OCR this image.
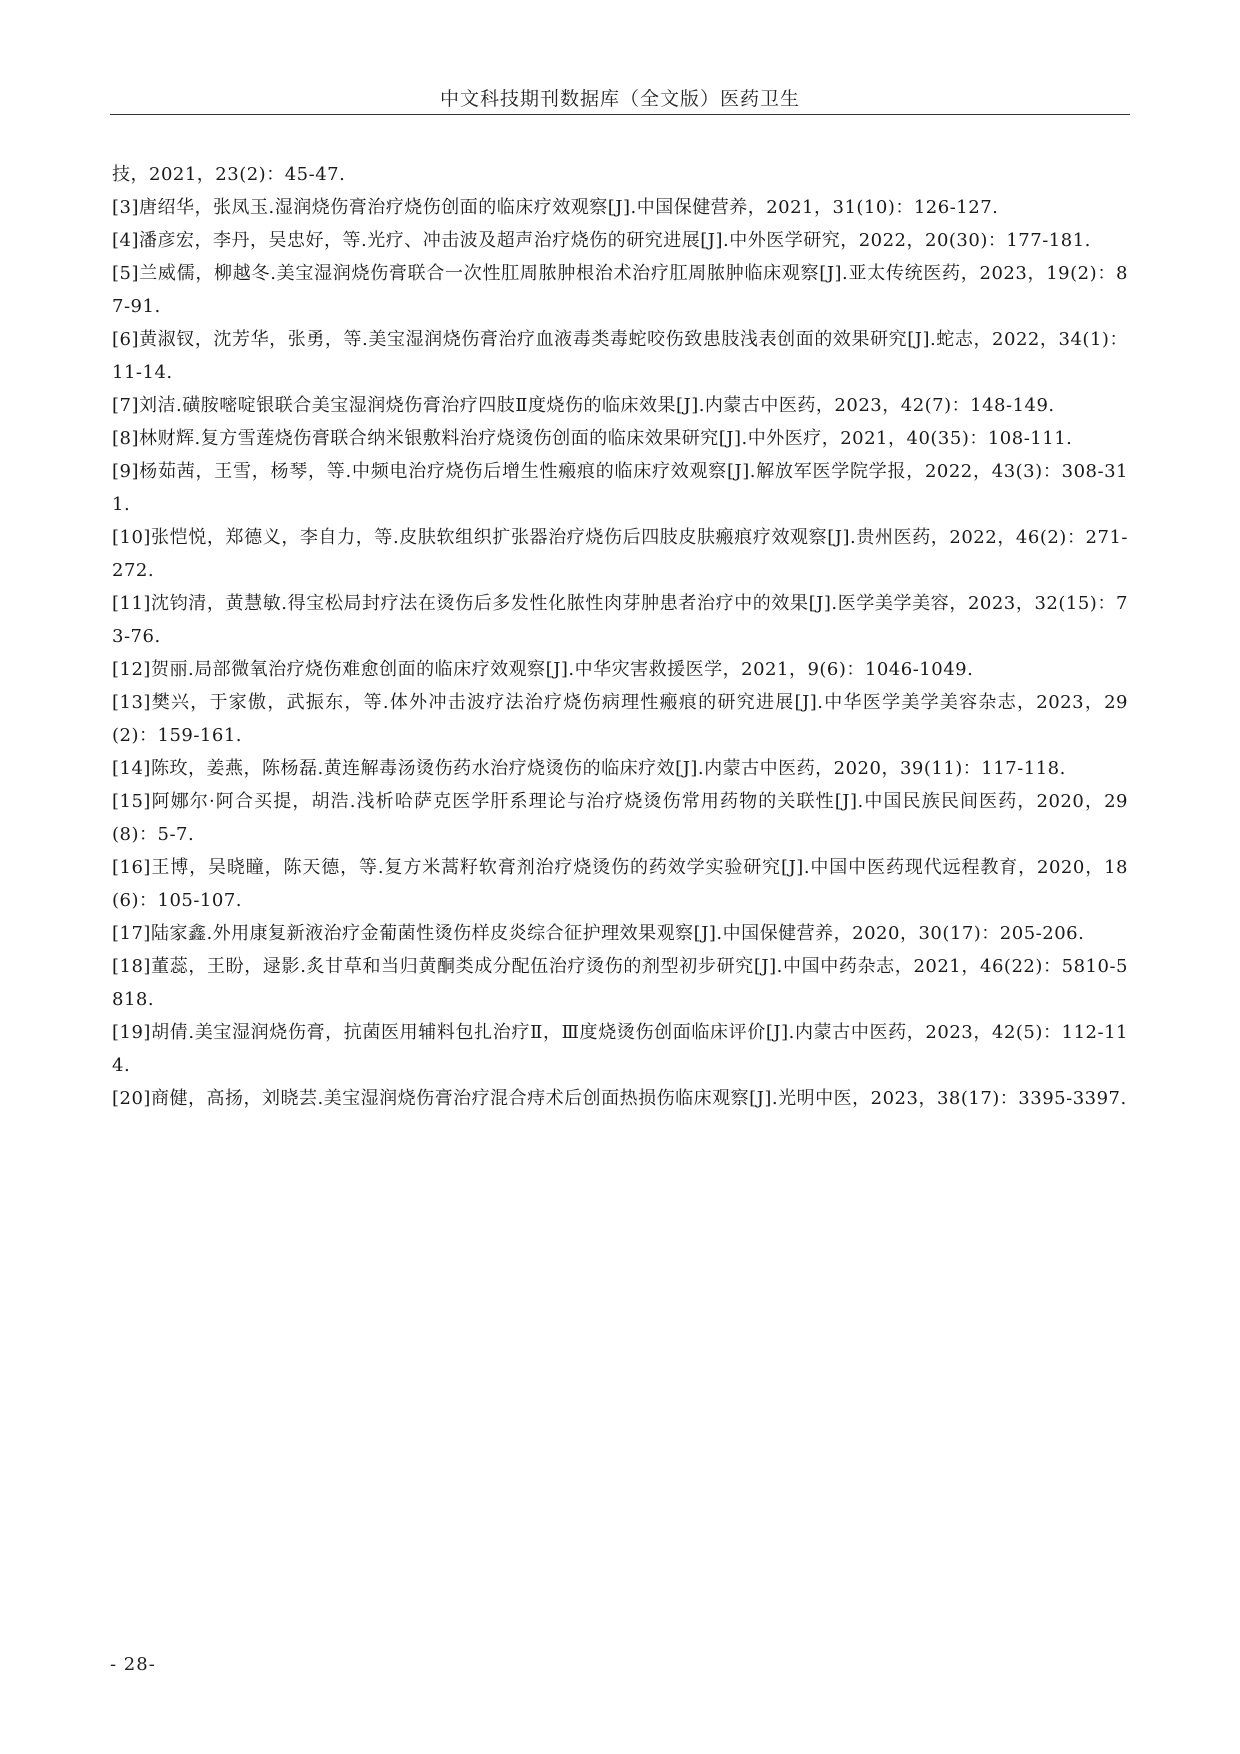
中文科技期刊数据库（全文版）医药卫生
技，2021，23(2)：45-47.
[3]唐绍华，张凤玉.湿润烧伤膏治疗烧伤创面的临床疗效观察[J].中国保健营养，2021，31(10)：126-127.
[4]潘彦宏，李丹，吴忠好，等.光疗、冲击波及超声治疗烧伤的研究进展[J].中外医学研究，2022，20(30)：177-181.
[5]兰威儒，柳越冬.美宝湿润烧伤膏联合一次性肛周脓肿根治术治疗肛周脓肿临床观察[J].亚太传统医药，2023，19(2)：87-91.
[6]黄淑钗，沈芳华，张勇，等.美宝湿润烧伤膏治疗血液毒类毒蛇咬伤致患肢浅表创面的效果研究[J].蛇志，2022，34(1)：11-14.
[7]刘洁.磺胺嘧啶银联合美宝湿润烧伤膏治疗四肢Ⅱ度烧伤的临床效果[J].内蒙古中医药，2023，42(7)：148-149.
[8]林财辉.复方雪莲烧伤膏联合纳米银敷料治疗烧烫伤创面的临床效果研究[J].中外医疗，2021，40(35)：108-111.
[9]杨茹茜，王雪，杨琴，等.中频电治疗烧伤后增生性瘢痕的临床疗效观察[J].解放军医学院学报，2022，43(3)：308-311.
[10]张恺悦，郑德义，李自力，等.皮肤软组织扩张器治疗烧伤后四肢皮肤瘢痕疗效观察[J].贵州医药，2022，46(2)：271-272.
[11]沈钧清，黄慧敏.得宝松局封疗法在烫伤后多发性化脓性肉芽肿患者治疗中的效果[J].医学美学美容，2023，32(15)：73-76.
[12]贺丽.局部微氧治疗烧伤难愈创面的临床疗效观察[J].中华灾害救援医学，2021，9(6)：1046-1049.
[13]樊兴，于家傲，武振东，等.体外冲击波疗法治疗烧伤病理性瘢痕的研究进展[J].中华医学美学美容杂志，2023，29(2)：159-161.
[14]陈玫，姜燕，陈杨磊.黄连解毒汤烫伤药水治疗烧烫伤的临床疗效[J].内蒙古中医药，2020，39(11)：117-118.
[15]阿娜尔·阿合买提，胡浩.浅析哈萨克医学肝系理论与治疗烧烫伤常用药物的关联性[J].中国民族民间医药，2020，29(8)：5-7.
[16]王博，吴晓瞳，陈天德，等.复方米蒿籽软膏剂治疗烧烫伤的药效学实验研究[J].中国中医药现代远程教育，2020，18(6)：105-107.
[17]陆家鑫.外用康复新液治疗金葡菌性烫伤样皮炎综合征护理效果观察[J].中国保健营养，2020，30(17)：205-206.
[18]董蕊，王盼，逯影.炙甘草和当归黄酮类成分配伍治疗烫伤的剂型初步研究[J].中国中药杂志，2021，46(22)：5810-5818.
[19]胡倩.美宝湿润烧伤膏，抗菌医用辅料包扎治疗Ⅱ，Ⅲ度烧烫伤创面临床评价[J].内蒙古中医药，2023，42(5)：112-114.
[20]商健，高扬，刘晓芸.美宝湿润烧伤膏治疗混合痔术后创面热损伤临床观察[J].光明中医，2023，38(17)：3395-3397.
- 28-
